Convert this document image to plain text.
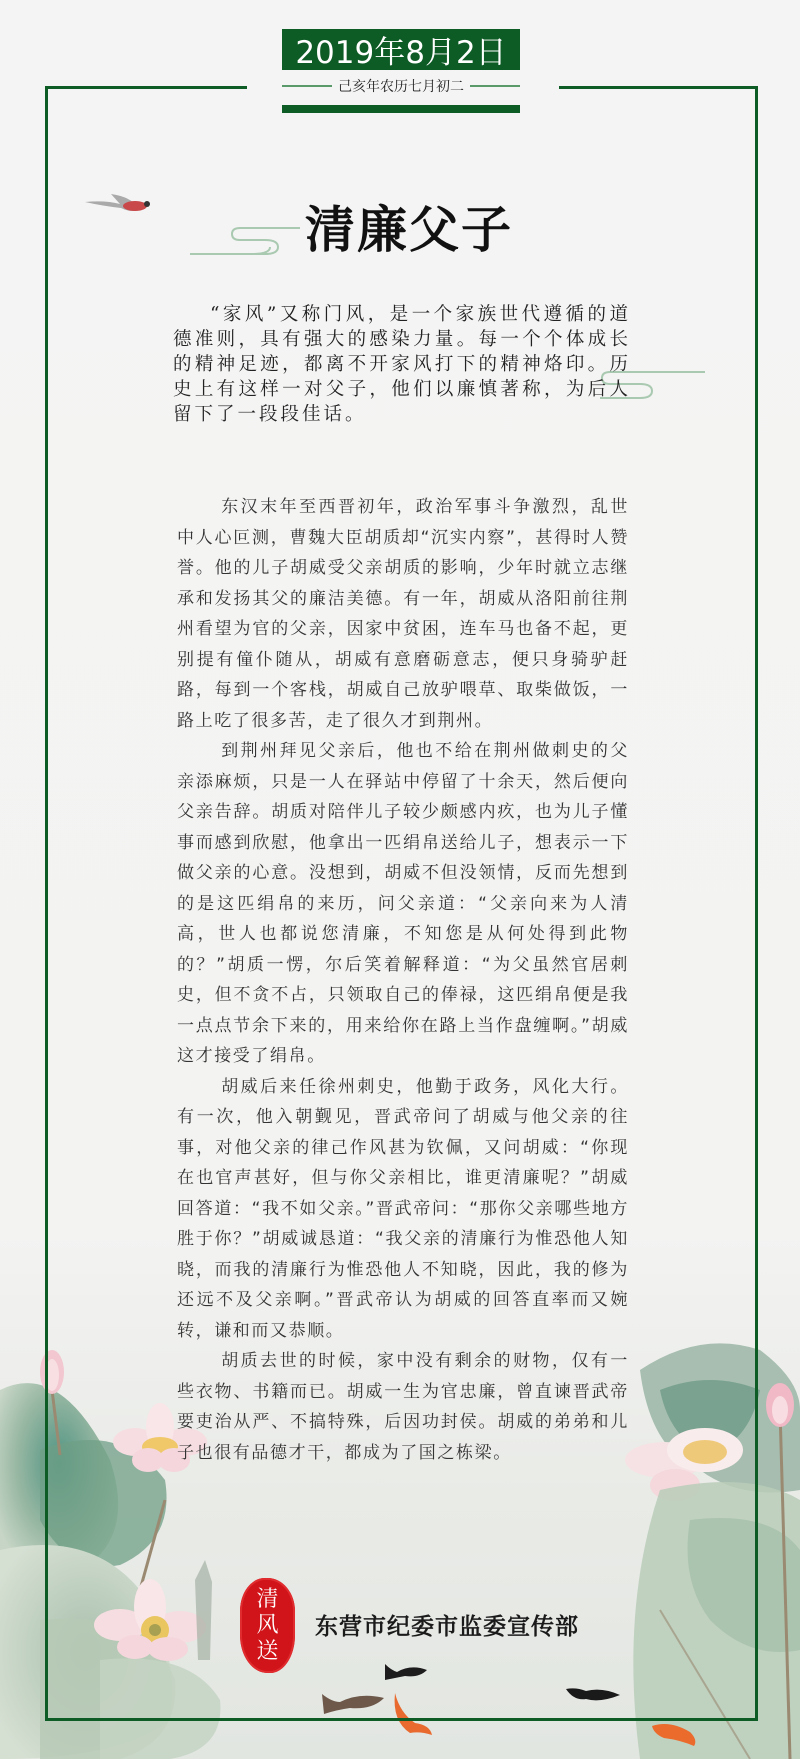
2019年8月2日
己亥年农历七月初二
清廉父子

“家风”又称门风，是一个家族世代遵循的道德准则，具有强大的感染力量。每一个个体成长的精神足迹，都离不开家风打下的精神烙印。历史上有这样一对父子，他们以廉慎著称，为后人留下了一段段佳话。

东汉末年至西晋初年，政治军事斗争激烈，乱世中人心叵测，曹魏大臣胡质却“沉实内察”，甚得时人赞誉。他的儿子胡威受父亲胡质的影响，少年时就立志继承和发扬其父的廉洁美德。有一年，胡威从洛阳前往荆州看望为官的父亲，因家中贫困，连车马也备不起，更别提有僮仆随从，胡威有意磨砺意志，便只身骑驴赶路，每到一个客栈，胡威自己放驴喂草、取柴做饭，一路上吃了很多苦，走了很久才到荆州。

到荆州拜见父亲后，他也不给在荆州做刺史的父亲添麻烦，只是一人在驿站中停留了十余天，然后便向父亲告辞。胡质对陪伴儿子较少颇感内疚，也为儿子懂事而感到欣慰，他拿出一匹绢帛送给儿子，想表示一下做父亲的心意。没想到，胡威不但没领情，反而先想到的是这匹绢帛的来历，问父亲道：“父亲向来为人清高，世人也都说您清廉，不知您是从何处得到此物的？”胡质一愣，尔后笑着解释道：“为父虽然官居刺史，但不贪不占，只领取自己的俸禄，这匹绢帛便是我一点点节余下来的，用来给你在路上当作盘缠啊。”胡威这才接受了绢帛。

胡威后来任徐州刺史，他勤于政务，风化大行。有一次，他入朝觐见，晋武帝问了胡威与他父亲的往事，对他父亲的律己作风甚为钦佩，又问胡威：“你现在也官声甚好，但与你父亲相比，谁更清廉呢？”胡威回答道：“我不如父亲。”晋武帝问：“那你父亲哪些地方胜于你？”胡威诚恳道：“我父亲的清廉行为惟恐他人知晓，而我的清廉行为惟恐他人不知晓，因此，我的修为还远不及父亲啊。”晋武帝认为胡威的回答直率而又婉转，谦和而又恭顺。

胡质去世的时候，家中没有剩余的财物，仅有一些衣物、书籍而已。胡威一生为官忠廉，曾直谏晋武帝要吏治从严、不搞特殊，后因功封侯。胡威的弟弟和儿子也很有品德才干，都成为了国之栋梁。

清
风
送
东营市纪委市监委宣传部
